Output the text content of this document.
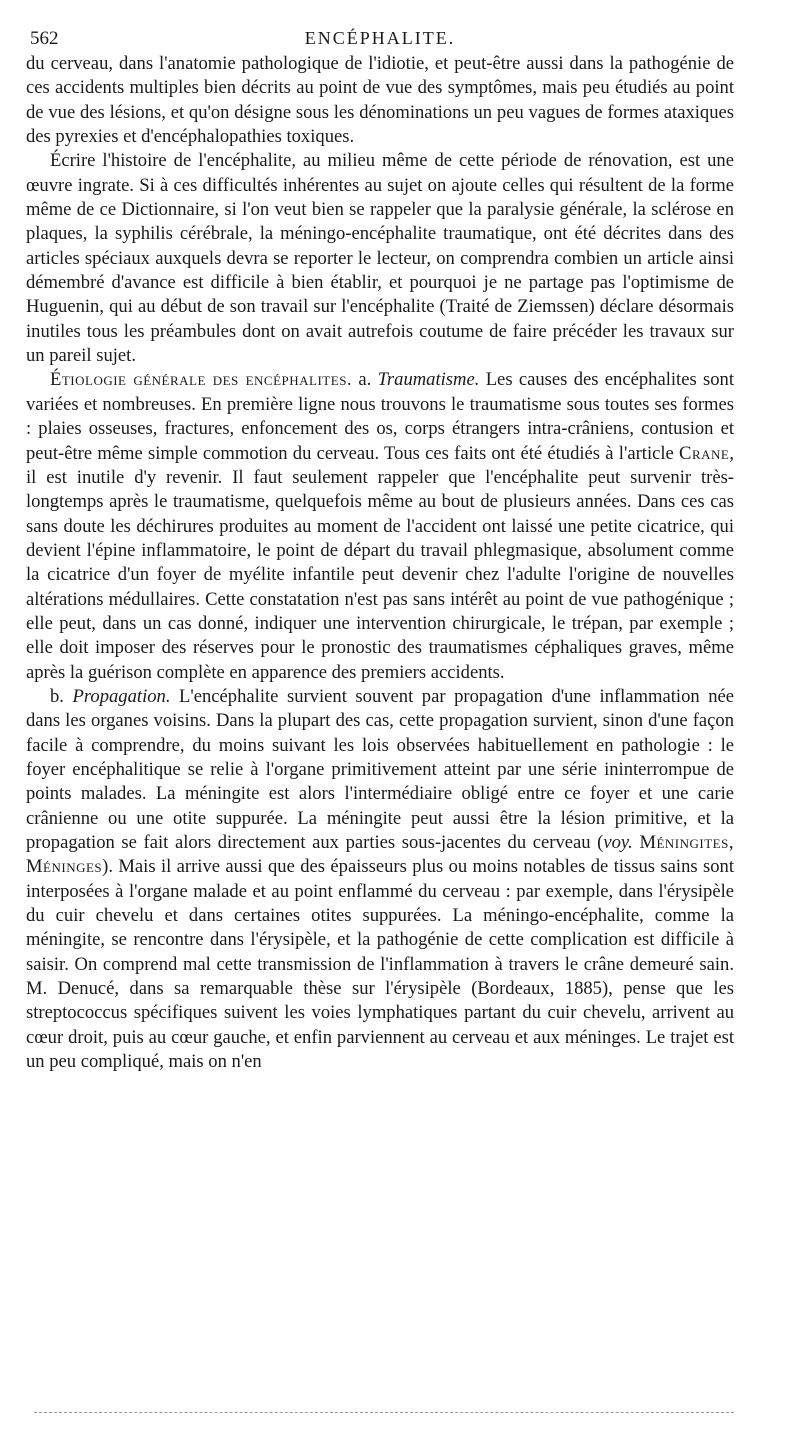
562	ENCÉPHALITE.

du cerveau, dans l'anatomie pathologique de l'idiotie, et peut-être aussi dans la pathogénie de ces accidents multiples bien décrits au point de vue des symptômes, mais peu étudiés au point de vue des lésions, et qu'on désigne sous les dénominations un peu vagues de formes ataxiques des pyrexies et d'encéphalopathies toxiques.

Écrire l'histoire de l'encéphalite, au milieu même de cette période de rénovation, est une œuvre ingrate. Si à ces difficultés inhérentes au sujet on ajoute celles qui résultent de la forme même de ce Dictionnaire, si l'on veut bien se rappeler que la paralysie générale, la sclérose en plaques, la syphilis cérébrale, la méningo-encéphalite traumatique, ont été décrites dans des articles spéciaux auxquels devra se reporter le lecteur, on comprendra combien un article ainsi démembré d'avance est difficile à bien établir, et pourquoi je ne partage pas l'optimisme de Huguenin, qui au début de son travail sur l'encéphalite (Traité de Ziemssen) déclare désormais inutiles tous les préambules dont on avait autrefois coutume de faire précéder les travaux sur un pareil sujet.

Étiologie générale des encéphalites. a. Traumatisme. Les causes des encéphalites sont variées et nombreuses. En première ligne nous trouvons le traumatisme sous toutes ses formes : plaies osseuses, fractures, enfoncement des os, corps étrangers intra-crâniens, contusion et peut-être même simple commotion du cerveau. Tous ces faits ont été étudiés à l'article Crane, il est inutile d'y revenir. Il faut seulement rappeler que l'encéphalite peut survenir très-longtemps après le traumatisme, quelquefois même au bout de plusieurs années. Dans ces cas sans doute les déchirures produites au moment de l'accident ont laissé une petite cicatrice, qui devient l'épine inflammatoire, le point de départ du travail phlegmasique, absolument comme la cicatrice d'un foyer de myélite infantile peut devenir chez l'adulte l'origine de nouvelles altérations médullaires. Cette constatation n'est pas sans intérêt au point de vue pathogénique ; elle peut, dans un cas donné, indiquer une intervention chirurgicale, le trépan, par exemple ; elle doit imposer des réserves pour le pronostic des traumatismes céphaliques graves, même après la guérison complète en apparence des premiers accidents.

b. Propagation. L'encéphalite survient souvent par propagation d'une inflammation née dans les organes voisins. Dans la plupart des cas, cette propagation survient, sinon d'une façon facile à comprendre, du moins suivant les lois observées habituellement en pathologie : le foyer encéphalitique se relie à l'organe primitivement atteint par une série ininterrompue de points malades. La méningite est alors l'intermédiaire obligé entre ce foyer et une carie crânienne ou une otite suppurée. La méningite peut aussi être la lésion primitive, et la propagation se fait alors directement aux parties sous-jacentes du cerveau (voy. Méningites, Méninges). Mais il arrive aussi que des épaisseurs plus ou moins notables de tissus sains sont interposées à l'organe malade et au point enflammé du cerveau : par exemple, dans l'érysipèle du cuir chevelu et dans certaines otites suppurées. La méningo-encéphalite, comme la méningite, se rencontre dans l'érysipèle, et la pathogénie de cette complication est difficile à saisir. On comprend mal cette transmission de l'inflammation à travers le crâne demeuré sain. M. Denucé, dans sa remarquable thèse sur l'érysipèle (Bordeaux, 1885), pense que les streptococcus spécifiques suivent les voies lymphatiques partant du cuir chevelu, arrivent au cœur droit, puis au cœur gauche, et enfin parviennent au cerveau et aux méninges. Le trajet est un peu compliqué, mais on n'en
